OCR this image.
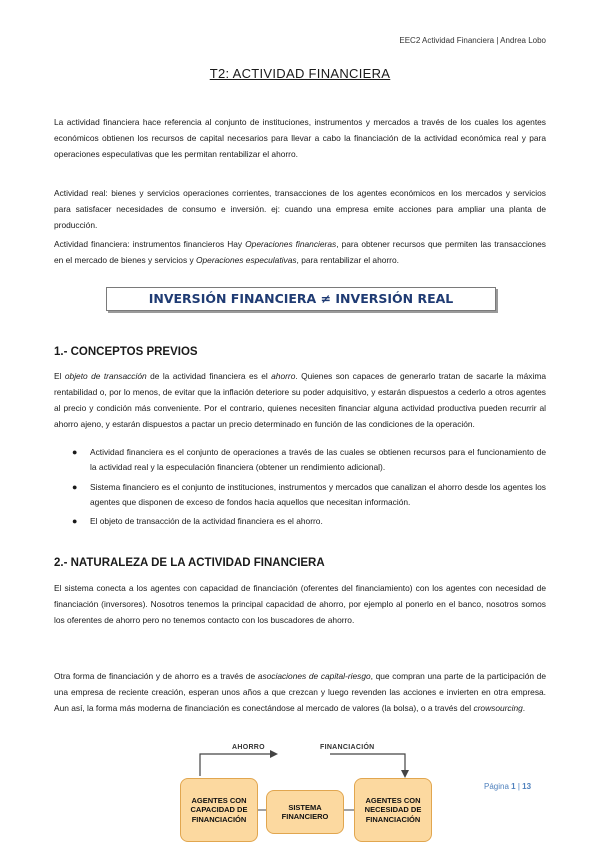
EEC2 Actividad Financiera | Andrea Lobo
T2: ACTIVIDAD FINANCIERA

La actividad financiera hace referencia al conjunto de instituciones, instrumentos y mercados a través de los cuales los agentes económicos obtienen los recursos de capital necesarios para llevar a cabo la financiación de la actividad económica real y para operaciones especulativas que les permitan rentabilizar el ahorro.

Actividad real: bienes y servicios operaciones corrientes, transacciones de los agentes económicos en los mercados y servicios para satisfacer necesidades de consumo e inversión. ej: cuando una empresa emite acciones para ampliar una planta de producción.

Actividad financiera: instrumentos financieros Hay Operaciones financieras, para obtener recursos que permiten las transacciones en el mercado de bienes y servicios y Operaciones especulativas, para rentabilizar el ahorro.

INVERSIÓN FINANCIERA ≠ INVERSIÓN REAL
1.- CONCEPTOS PREVIOS

El objeto de transacción de la actividad financiera es el ahorro. Quienes son capaces de generarlo tratan de sacarle la máxima rentabilidad o, por lo menos, de evitar que la inflación deteriore su poder adquisitivo, y estarán dispuestos a cederlo a otros agentes al precio y condición más conveniente. Por el contrario, quienes necesiten financiar alguna actividad productiva pueden recurrir al ahorro ajeno, y estarán dispuestos a pactar un precio determinado en función de las condiciones de la operación.

● Actividad financiera es el conjunto de operaciones a través de las cuales se obtienen recursos para el funcionamiento de la actividad real y la especulación financiera (obtener un rendimiento adicional).
● Sistema financiero es el conjunto de instituciones, instrumentos y mercados que canalizan el ahorro desde los agentes los agentes que disponen de exceso de fondos hacia aquellos que necesitan información.
● El objeto de transacción de la actividad financiera es el ahorro.
2.- NATURALEZA DE LA ACTIVIDAD FINANCIERA

El sistema conecta a los agentes con capacidad de financiación (oferentes del financiamiento) con los agentes con necesidad de financiación (inversores). Nosotros tenemos la principal capacidad de ahorro, por ejemplo al ponerlo en el banco, nosotros somos los oferentes de ahorro pero no tenemos contacto con los buscadores de ahorro.

Otra forma de financiación y de ahorro es a través de asociaciones de capital-riesgo, que compran una parte de la participación de una empresa de reciente creación, esperan unos años a que crezcan y luego revenden las acciones e invierten en otra empresa. Aun así, la forma más moderna de financiación es conectándose al mercado de valores (la bolsa), o a través del crowsourcing.

AHORRO	FINANCIACIÓN
AGENTES CON CAPACIDAD DE FINANCIACIÓN
SISTEMA FINANCIERO
AGENTES CON NECESIDAD DE FINANCIACIÓN
Página 1 | 13
